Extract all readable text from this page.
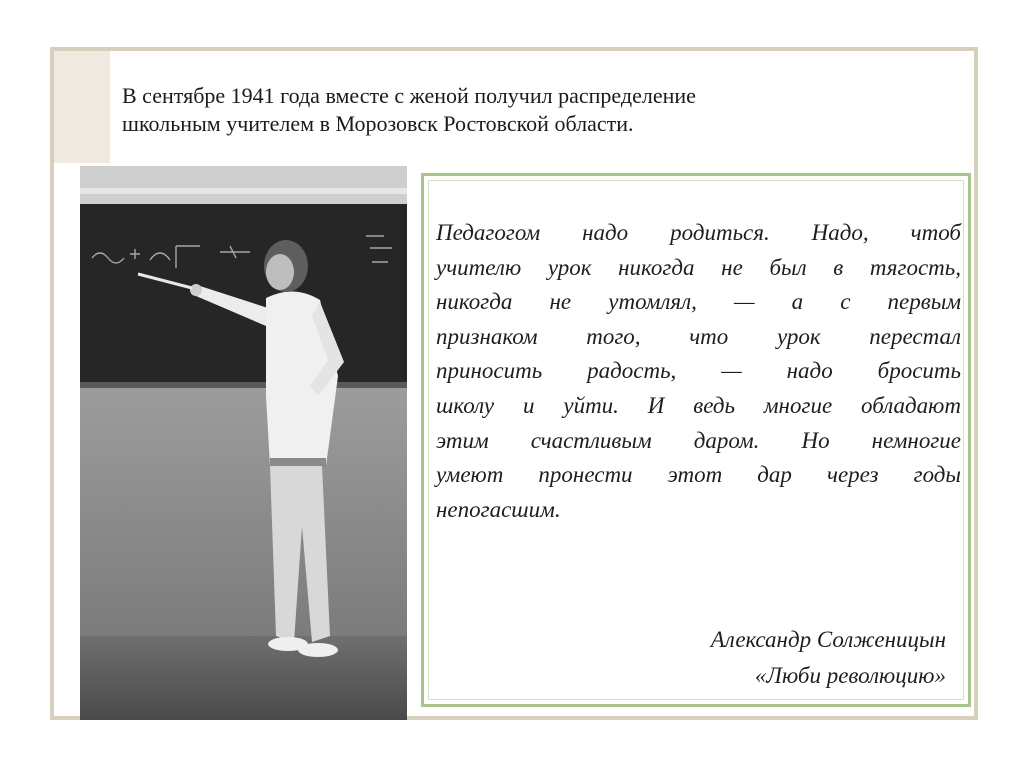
В сентябре 1941 года вместе с женой получил распределение
школьным учителем в Морозовск Ростовской области.
Педагогом надо родиться. Надо, чтоб
учителю урок никогда не был в тягость,
никогда не утомлял, — а с первым
признаком того, что урок перестал
приносить радость, — надо бросить
школу и уйти. И ведь многие обладают
этим счастливым даром. Но немногие
умеют пронести этот дар через годы
непогасшим.
Александр Солженицын
«Люби революцию»
